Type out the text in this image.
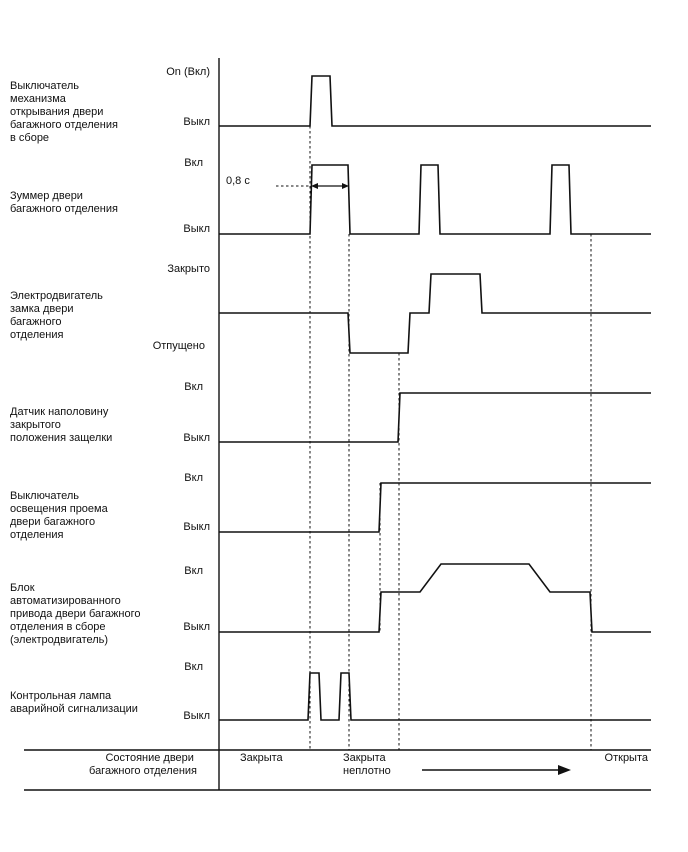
0,8 с
Выключатель механизма открывания двери багажного отделения в сборе
On (Вкл)
Выкл
Зуммер двери багажного отделения
Вкл
Выкл
Электродвигатель замка двери багажного отделения
Закрыто
Отпущено
Датчик наполовину закрытого положения защелки
Вкл
Выкл
Выключатель освещения проема двери багажного отделения
Вкл
Выкл
Блок автоматизированного привода двери багажного отделения в сборе (электродвигатель)
Вкл
Выкл
Контрольная лампа аварийной сигнализации
Вкл
Выкл
Состояние двери багажного отделения
Закрыта	Закрыта неплотно
Открыта
